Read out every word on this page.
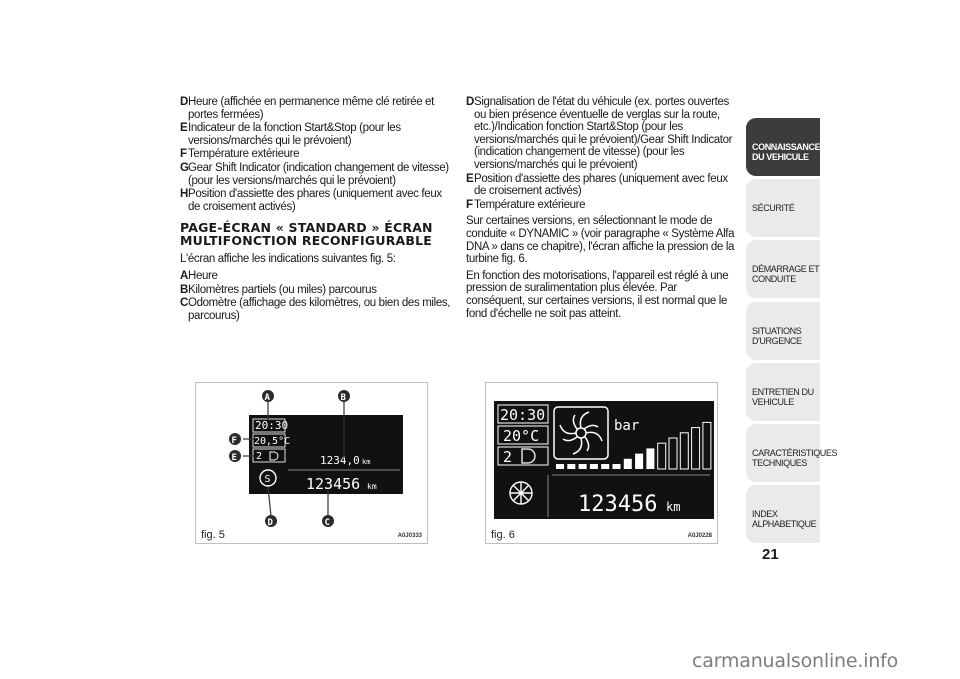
D Heure (affichée en permanence même clé retirée et portes fermées)
E Indicateur de la fonction Start&Stop (pour les versions/marchés qui le prévoient)
F Température extérieure
G Gear Shift Indicator (indication changement de vitesse) (pour les versions/marchés qui le prévoient)
H Position d'assiette des phares (uniquement avec feux de croisement activés)
PAGE-ÉCRAN « STANDARD » ÉCRAN
MULTIFONCTION RECONFIGURABLE
L'écran affiche les indications suivantes fig. 5:
A Heure
B Kilomètres partiels (ou miles) parcourus
C Odomètre (affichage des kilomètres, ou bien des miles, parcourus)
D Signalisation de l'état du véhicule (ex. portes ouvertes ou bien présence éventuelle de verglas sur la route, etc.)/Indication fonction Start&Stop (pour les versions/marchés qui le prévoient)/Gear Shift Indicator (indication changement de vitesse) (pour les versions/marchés qui le prévoient)
E Position d'assiette des phares (uniquement avec feux de croisement activés)
F Température extérieure
Sur certaines versions, en sélectionnant le mode de conduite « DYNAMIC » (voir paragraphe « Système Alfa DNA » dans ce chapitre), l'écran affiche la pression de la turbine fig. 6.
En fonction des motorisations, l'appareil est réglé à une pression de suralimentation plus élevée. Par conséquent, sur certaines versions, il est normal que le fond d'échelle ne soit pas atteint.
20:30
20,5°C
2	1234,0 km
123456 km
S
A	B
C
D
E
F
fig. 5	A0J0333
20:30
20°C
2
bar
123456 km
fig. 6	A0J0228
CONNAISSANCE
DU VEHICULE
SÉCURITÉ
DÉMARRAGE ET
CONDUITE
SITUATIONS
D'URGENCE
ENTRETIEN DU
VEHICULE
CARACTÉRISTIQUES
TECHNIQUES
INDEX
ALPHABETIQUE
21
carmanualsonline.info
